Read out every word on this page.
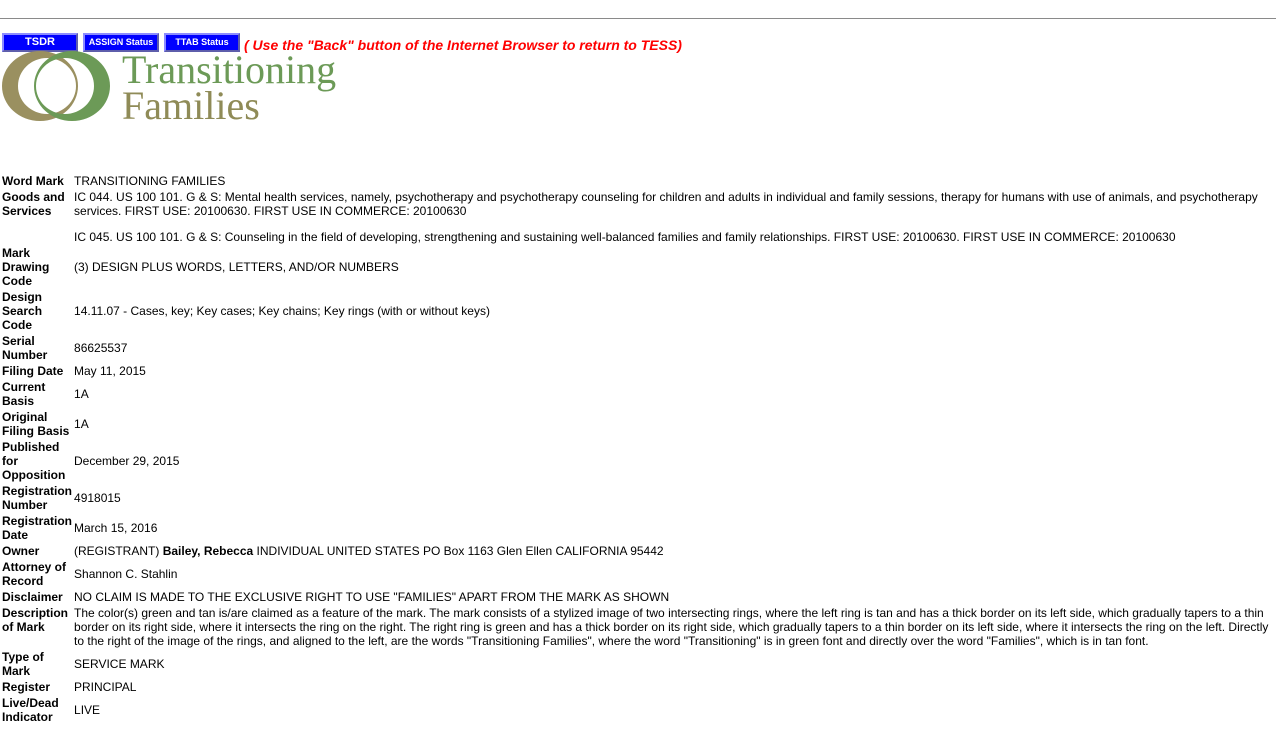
TSDR	ASSIGN Status	TTAB Status	( Use the "Back" button of the Internet Browser to return to TESS)
Transitioning
Families
Word Mark	TRANSITIONING FAMILIES
Goods and Services	IC 044. US 100 101. G & S: Mental health services, namely, psychotherapy and psychotherapy counseling for children and adults in individual and family sessions, therapy for humans with use of animals, and psychotherapy services. FIRST USE: 20100630. FIRST USE IN COMMERCE: 20100630
IC 045. US 100 101. G & S: Counseling in the field of developing, strengthening and sustaining well-balanced families and family relationships. FIRST USE: 20100630. FIRST USE IN COMMERCE: 20100630
Mark Drawing Code	(3) DESIGN PLUS WORDS, LETTERS, AND/OR NUMBERS
Design Search Code	14.11.07 - Cases, key; Key cases; Key chains; Key rings (with or without keys)
Serial Number	86625537
Filing Date	May 11, 2015
Current Basis	1A
Original Filing Basis	1A
Published for Opposition	December 29, 2015
Registration Number	4918015
Registration Date	March 15, 2016
Owner	(REGISTRANT) Bailey, Rebecca INDIVIDUAL UNITED STATES PO Box 1163 Glen Ellen CALIFORNIA 95442
Attorney of Record	Shannon C. Stahlin
Disclaimer	NO CLAIM IS MADE TO THE EXCLUSIVE RIGHT TO USE "FAMILIES" APART FROM THE MARK AS SHOWN
Description of Mark	The color(s) green and tan is/are claimed as a feature of the mark. The mark consists of a stylized image of two intersecting rings, where the left ring is tan and has a thick border on its left side, which gradually tapers to a thin border on its right side, where it intersects the ring on the right. The right ring is green and has a thick border on its right side, which gradually tapers to a thin border on its left side, where it intersects the ring on the left. Directly to the right of the image of the rings, and aligned to the left, are the words "Transitioning Families", where the word "Transitioning" is in green font and directly over the word "Families", which is in tan font.
Type of Mark	SERVICE MARK
Register	PRINCIPAL
Live/Dead Indicator	LIVE
